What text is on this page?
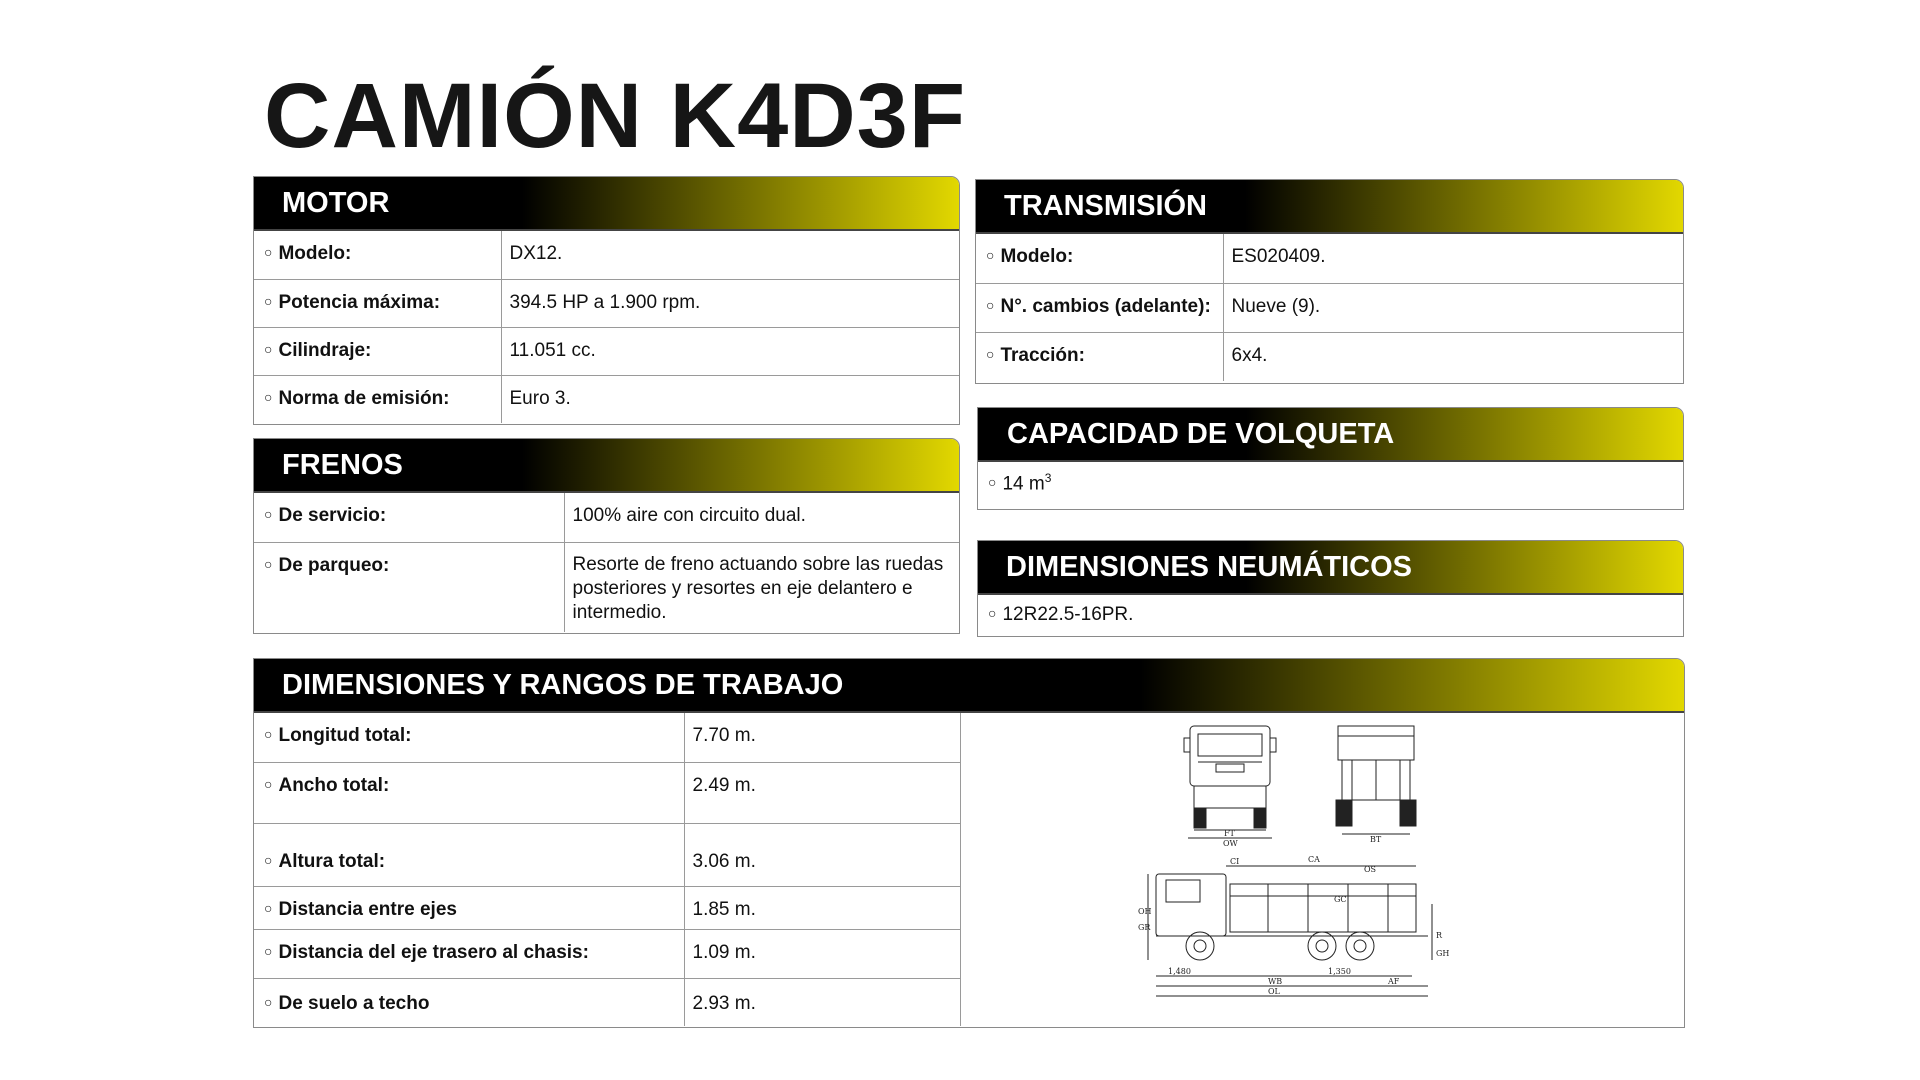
CAMIÓN K4D3F
MOTOR
○ Modelo:	DX12.
○ Potencia máxima:	394.5 HP a 1.900 rpm.
○ Cilindraje:	11.051 cc.
○ Norma de emisión:	Euro 3.
FRENOS
○ De servicio:	100% aire con circuito dual.
○ De parqueo:	Resorte de freno actuando sobre las ruedas posteriores y resortes en eje delantero e intermedio.
TRANSMISIÓN
○ Modelo:	ES020409.
○ N°. cambios (adelante):	Nueve (9).
○ Tracción:	6x4.
CAPACIDAD DE VOLQUETA
○ 14 $m^3$
DIMENSIONES NEUMÁTICOS
○ 12R22.5-16PR.
DIMENSIONES Y RANGOS DE TRABAJO
○ Longitud total:	7.70 m.
○ Ancho total:	2.49 m.
○ Altura total:	3.06 m.
○ Distancia entre ejes	1.85 m.
○ Distancia del eje trasero al chasis:	1.09 m.
○ De suelo a techo	2.93 m.
FT
OW	BT
CI	CA
OS
GC
OH
GR
R
GH
1,480
WB
1,350
AF
OL
